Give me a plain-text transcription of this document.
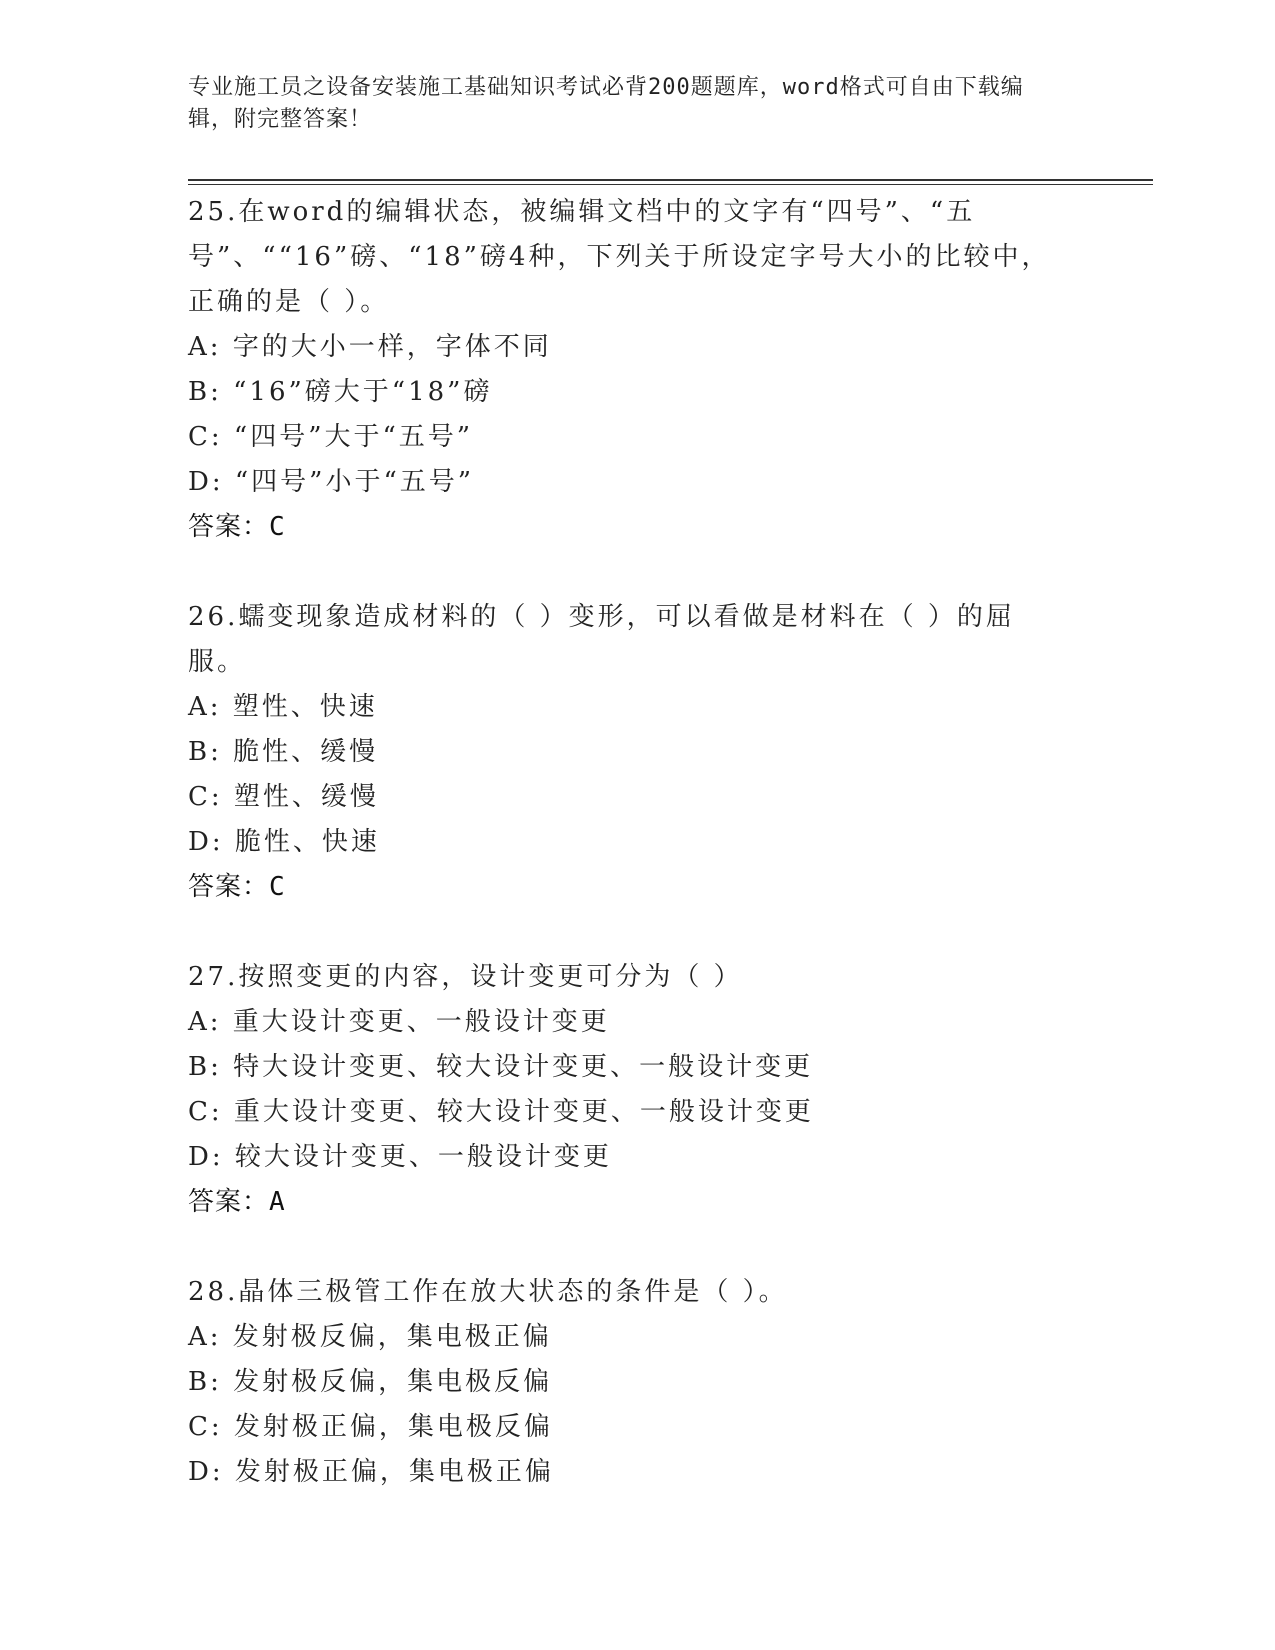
专业施工员之设备安装施工基础知识考试必背200题题库，word格式可自由下载编辑，附完整答案！
25.在word的编辑状态，被编辑文档中的文字有“四号”、“五号”、““16”磅、“18”磅4种，下列关于所设定字号大小的比较中，正确的是（ ）。
A: 字的大小一样，字体不同
B: “16”磅大于“18”磅
C: “四号”大于“五号”
D: “四号”小于“五号”
答案：C
26.蠕变现象造成材料的（ ）变形，可以看做是材料在（ ）的屈服。
A: 塑性、快速
B: 脆性、缓慢
C: 塑性、缓慢
D: 脆性、快速
答案：C
27.按照变更的内容，设计变更可分为（ ）
A: 重大设计变更、一般设计变更
B: 特大设计变更、较大设计变更、一般设计变更
C: 重大设计变更、较大设计变更、一般设计变更
D: 较大设计变更、一般设计变更
答案：A
28.晶体三极管工作在放大状态的条件是（ ）。
A: 发射极反偏，集电极正偏
B: 发射极反偏，集电极反偏
C: 发射极正偏，集电极反偏
D: 发射极正偏，集电极正偏
